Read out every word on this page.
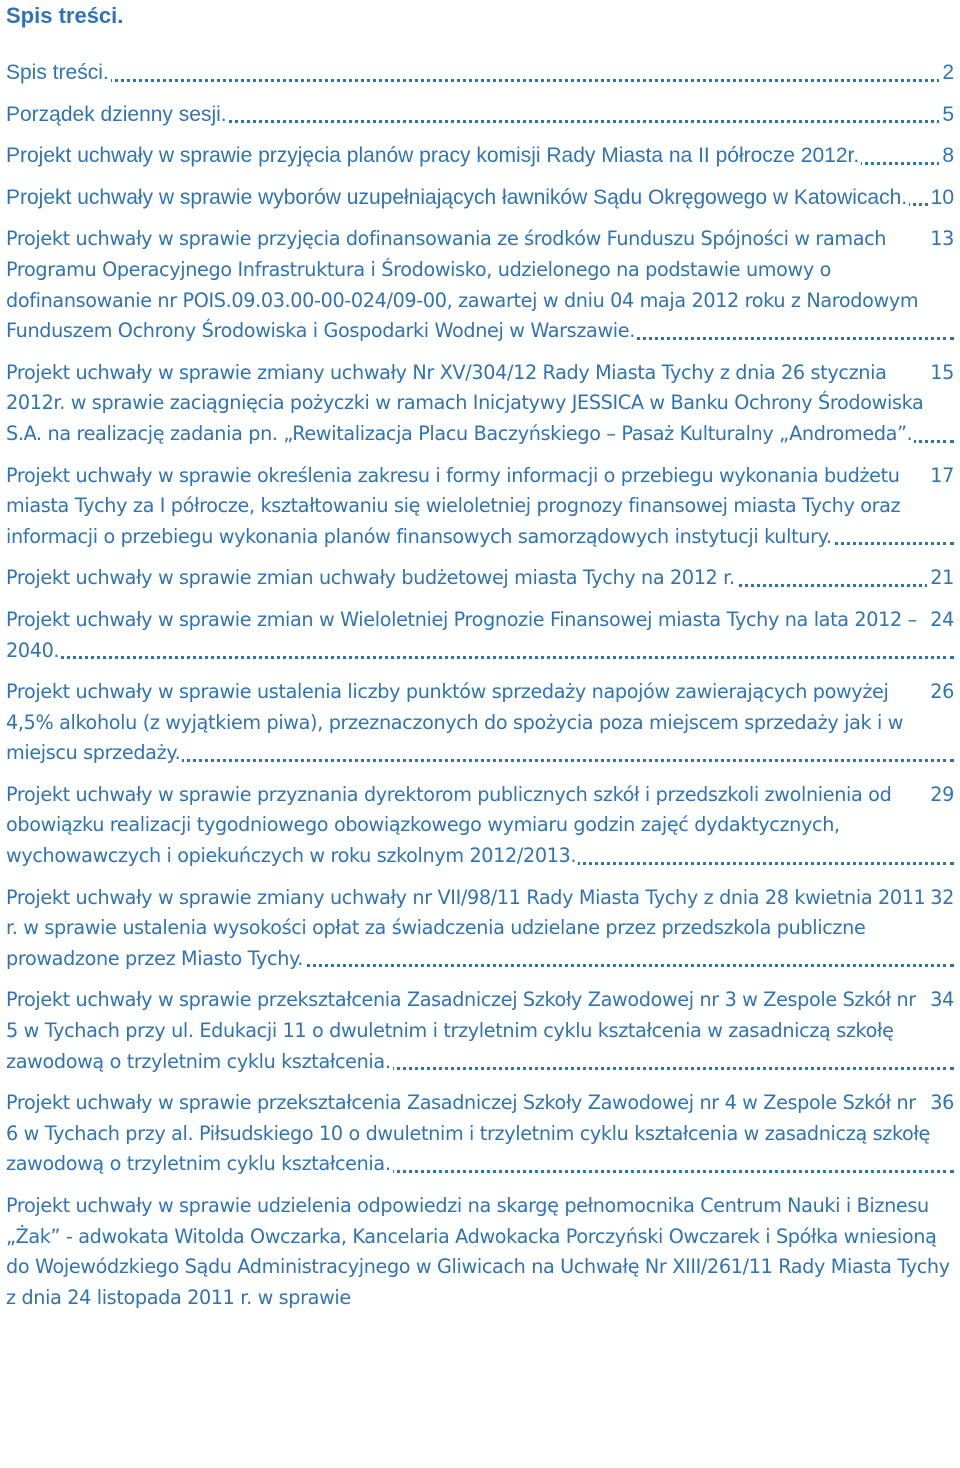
Spis treści.
2
Spis treści.
5
Porządek dzienny sesji.
8
Projekt uchwały w sprawie przyjęcia planów pracy komisji Rady Miasta na II półrocze 2012r.
10
Projekt uchwały w sprawie wyborów uzupełniających ławników Sądu Okręgowego w Katowicach.
13
Projekt uchwały w sprawie przyjęcia dofinansowania ze środków Funduszu Spójności w ramach Programu Operacyjnego Infrastruktura i Środowisko, udzielonego na podstawie umowy o dofinansowanie nr POIS.09.03.00-00-024/09-00, zawartej w dniu 04 maja 2012 roku z Narodowym Funduszem Ochrony Środowiska i Gospodarki Wodnej w Warszawie.
15
Projekt uchwały w sprawie zmiany uchwały Nr XV/304/12 Rady Miasta Tychy z dnia 26 stycznia 2012r. w sprawie zaciągnięcia pożyczki w ramach Inicjatywy JESSICA w Banku Ochrony Środowiska S.A. na realizację zadania pn. „Rewitalizacja Placu Baczyńskiego – Pasaż Kulturalny „Andromeda”.
17
Projekt uchwały w sprawie określenia zakresu i formy informacji o przebiegu wykonania budżetu miasta Tychy za I półrocze, kształtowaniu się wieloletniej prognozy finansowej miasta Tychy oraz informacji o przebiegu wykonania planów finansowych samorządowych instytucji kultury.
21
Projekt uchwały w sprawie zmian uchwały budżetowej miasta Tychy na 2012 r.
24
Projekt uchwały w sprawie zmian w Wieloletniej Prognozie Finansowej miasta Tychy na lata 2012 – 2040.
26
Projekt uchwały w sprawie ustalenia liczby punktów sprzedaży napojów zawierających powyżej 4,5% alkoholu (z wyjątkiem piwa), przeznaczonych do spożycia poza miejscem sprzedaży jak i w miejscu sprzedaży.
29
Projekt uchwały w sprawie przyznania dyrektorom publicznych szkół i przedszkoli zwolnienia od obowiązku realizacji tygodniowego obowiązkowego wymiaru godzin zajęć dydaktycznych, wychowawczych i opiekuńczych w roku szkolnym 2012/2013.
32
Projekt uchwały w sprawie zmiany uchwały nr VII/98/11 Rady Miasta Tychy z dnia 28 kwietnia 2011 r. w sprawie ustalenia wysokości opłat za świadczenia udzielane przez przedszkola publiczne prowadzone przez Miasto Tychy.
34
Projekt uchwały w sprawie przekształcenia Zasadniczej Szkoły Zawodowej nr 3 w Zespole Szkół nr 5 w Tychach przy ul. Edukacji 11 o dwuletnim i trzyletnim cyklu kształcenia w zasadniczą szkołę zawodową o trzyletnim cyklu kształcenia.
36
Projekt uchwały w sprawie przekształcenia Zasadniczej Szkoły Zawodowej nr 4 w Zespole Szkół nr 6 w Tychach przy al. Piłsudskiego 10 o dwuletnim i trzyletnim cyklu kształcenia w zasadniczą szkołę zawodową o trzyletnim cyklu kształcenia.
Projekt uchwały w sprawie udzielenia odpowiedzi na skargę pełnomocnika Centrum Nauki i Biznesu „Żak” - adwokata Witolda Owczarka, Kancelaria Adwokacka Porczyński Owczarek i Spółka wniesioną do Wojewódzkiego Sądu Administracyjnego w Gliwicach na Uchwałę Nr XIII/261/11 Rady Miasta Tychy z dnia 24 listopada 2011 r. w sprawie
